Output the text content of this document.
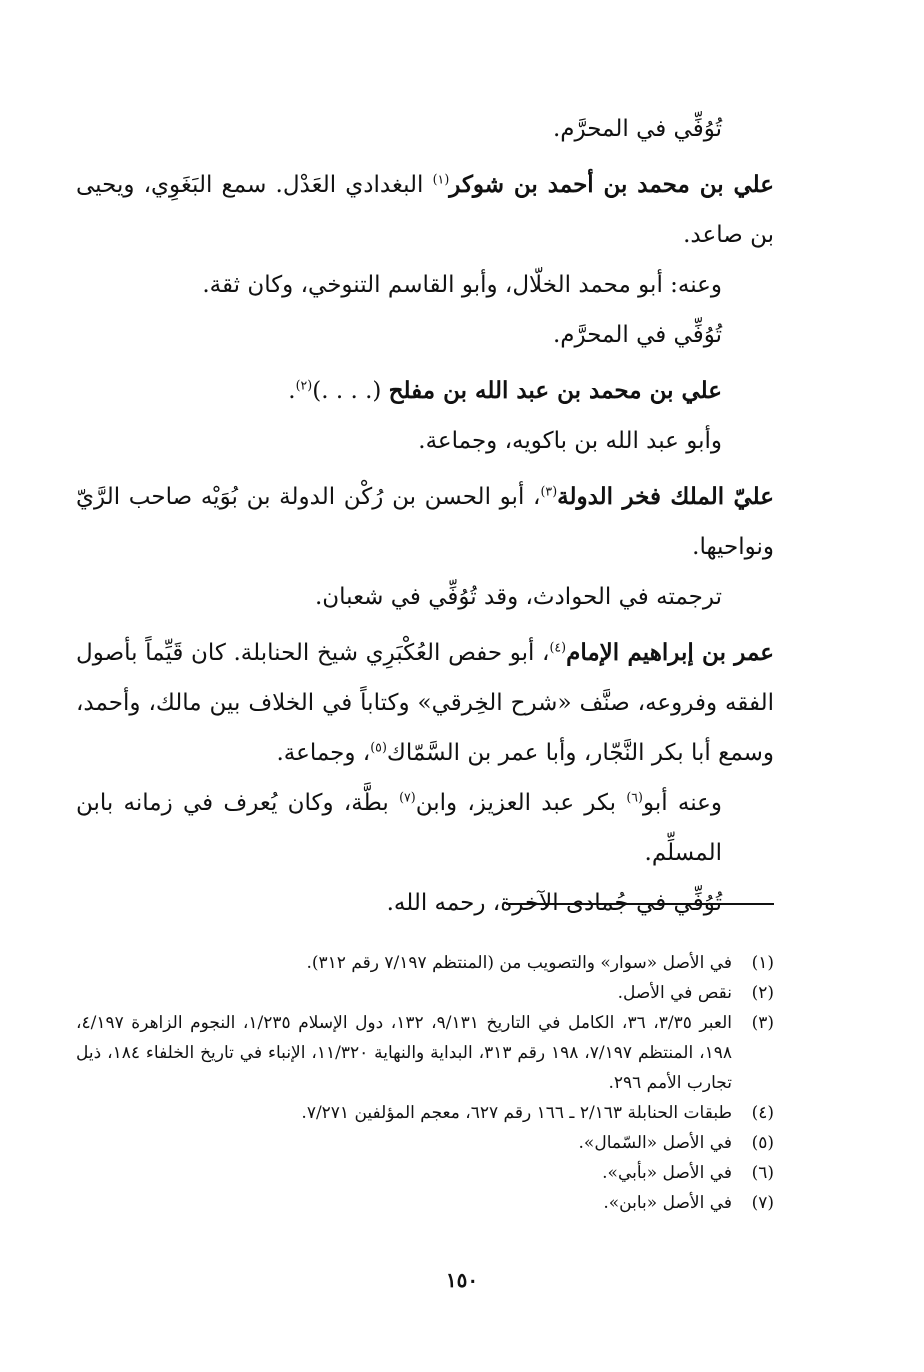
تُوُفِّي في المحرَّم.

علي بن محمد بن أحمد بن شوكر$^{(١)}$ البغدادي العَدْل. سمع البَغَوِي، ويحيى بن صاعد.

وعنه: أبو محمد الخلّال، وأبو القاسم التنوخي، وكان ثقة.

تُوُفِّي في المحرَّم.

علي بن محمد بن عبد الله بن مفلح (. . . .)$^{(٢)}$.

وأبو عبد الله بن باكويه، وجماعة.

عليّ الملك فخر الدولة$^{(٣)}$، أبو الحسن بن رُكْن الدولة بن بُوَيْه صاحب الرَّيّ ونواحيها.

ترجمته في الحوادث، وقد تُوُفِّي في شعبان.

عمر بن إبراهيم الإمام$^{(٤)}$، أبو حفص العُكْبَرِي شيخ الحنابلة. كان قَيِّماً بأصول الفقه وفروعه، صنَّف «شرح الخِرقي» وكتاباً في الخلاف بين مالك، وأحمد، وسمع أبا بكر النَّجّار، وأبا عمر بن السَّمّاك$^{(٥)}$، وجماعة.

وعنه أبو$^{(٦)}$ بكر عبد العزيز، وابن$^{(٧)}$ بطَّة، وكان يُعرف في زمانه بابن المسلِّم.

تُوُفِّي في جُمادى الآخرة، رحمه الله.

(١)
في الأصل «سوار» والتصويب من (المنتظم ٧/١٩٧ رقم ٣١٢).

(٢)
نقص في الأصل.

(٣)
العبر ٣/٣٥، ٣٦، الكامل في التاريخ ٩/١٣١، ١٣٢، دول الإسلام ١/٢٣٥، النجوم الزاهرة ٤/١٩٧، ١٩٨، المنتظم ٧/١٩٧، ١٩٨ رقم ٣١٣، البداية والنهاية ١١/٣٢٠، الإنباء في تاريخ الخلفاء ١٨٤، ذيل تجارب الأمم ٢٩٦.

(٤)
طبقات الحنابلة ٢/١٦٣ ـ ١٦٦ رقم ٦٢٧، معجم المؤلفين ٧/٢٧١.

(٥)
في الأصل «السّمال».

(٦)
في الأصل «بأبي».

(٧)
في الأصل «بابن».

١٥٠
